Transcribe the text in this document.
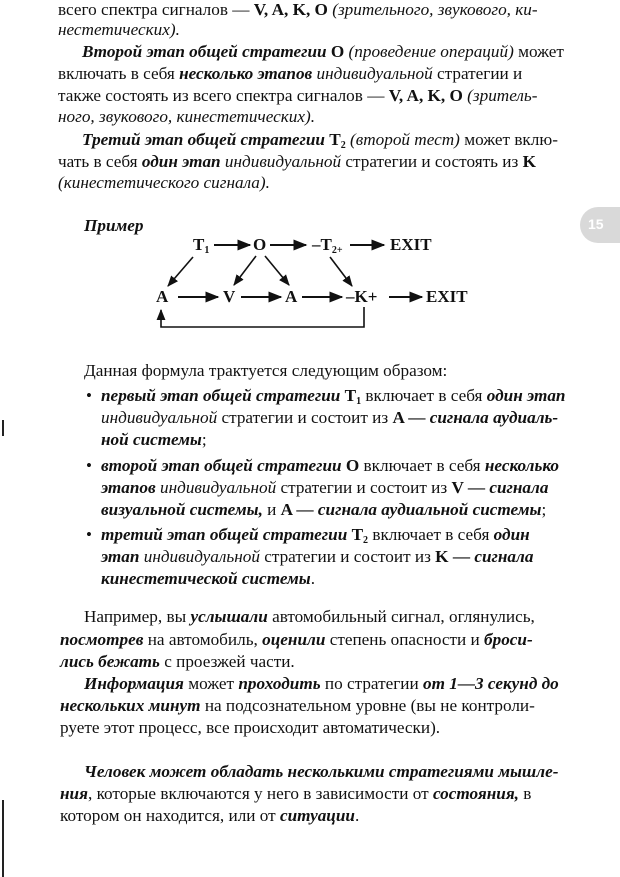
15
всего спектра сигналов — V, A, K, O (зрительного, звукового, ки-
нестетических).
Второй этап общей стратегии O (проведение операций) может
включать в себя несколько этапов индивидуальной стратегии и
также состоять из всего спектра сигналов — V, A, K, O (зритель-
ного, звукового, кинестетических).
Третий этап общей стратегии $T_2$ (второй тест) может вклю-
чать в себя один этап индивидуальной стратегии и состоять из K
(кинестетического сигнала).
Пример
$T_1$	O	$-T_{2+}$	EXIT
A	V	A	–K+	EXIT
Данная формула трактуется следующим образом:
• первый этап общей стратегии $T_1$ включает в себя один этап
индивидуальной стратегии и состоит из A — сигнала аудиаль-
ной системы;
• второй этап общей стратегии O включает в себя несколько
этапов индивидуальной стратегии и состоит из V — сигнала
визуальной системы, и A — сигнала аудиальной системы;
• третий этап общей стратегии $T_2$ включает в себя один
этап индивидуальной стратегии и состоит из K — сигнала
кинестетической системы.
Например, вы услышали автомобильный сигнал, оглянулись,
посмотрев на автомобиль, оценили степень опасности и броси-
лись бежать с проезжей части.
Информация может проходить по стратегии от 1—3 секунд до
нескольких минут на подсознательном уровне (вы не контроли-
руете этот процесс, все происходит автоматически).
Человек может обладать несколькими стратегиями мышле-
ния, которые включаются у него в зависимости от состояния, в
котором он находится, или от ситуации.
